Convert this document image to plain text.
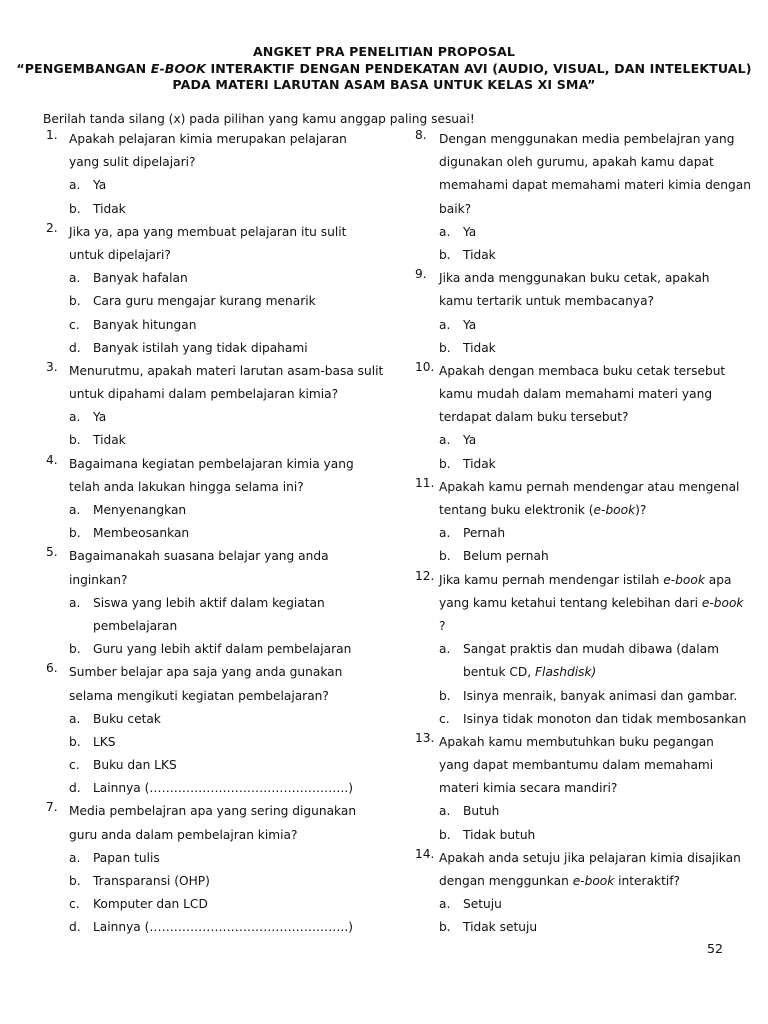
ANGKET PRA PENELITIAN PROPOSAL
“PENGEMBANGAN E-BOOK INTERAKTIF DENGAN PENDEKATAN AVI (AUDIO, VISUAL, DAN INTELEKTUAL)
PADA MATERI LARUTAN ASAM BASA UNTUK KELAS XI SMA”
Berilah tanda silang (x) pada pilihan yang kamu anggap paling sesuai!
1. Apakah pelajaran kimia merupakan pelajaran
yang sulit dipelajari?
a.	Ya
b.	Tidak
2. Jika ya, apa yang membuat pelajaran itu sulit
untuk dipelajari?
a.	Banyak hafalan
b.	Cara guru mengajar kurang menarik
c.	Banyak hitungan
d.	Banyak istilah yang tidak dipahami
3. Menurutmu, apakah materi larutan asam-basa sulit
untuk dipahami dalam pembelajaran kimia?
a.	Ya
b.	Tidak
4. Bagaimana kegiatan pembelajaran kimia yang
telah anda lakukan hingga selama ini?
a.	Menyenangkan
b.	Membeosankan
5. Bagaimanakah suasana belajar yang anda
inginkan?
a.	Siswa yang lebih aktif dalam kegiatan
pembelajaran
b.	Guru yang lebih aktif dalam pembelajaran
6. Sumber belajar apa saja yang anda gunakan
selama mengikuti kegiatan pembelajaran?
a.	Buku cetak
b.	LKS
c.	Buku dan LKS
d.	Lainnya (………………………………………….)
7. Media pembelajran apa yang sering digunakan
guru anda dalam pembelajran kimia?
a.	Papan tulis
b.	Transparansi (OHP)
c.	Komputer dan LCD
d.	Lainnya (………………………………………….)
8.	Dengan menggunakan media pembelajran yang
digunakan oleh gurumu, apakah kamu dapat
memahami dapat memahami materi kimia dengan
baik?
a.	Ya
b.	Tidak
9.	Jika anda menggunakan buku cetak, apakah
kamu tertarik untuk membacanya?
a.	Ya
b.	Tidak
10. Apakah dengan membaca buku cetak tersebut
kamu mudah dalam memahami materi yang
terdapat dalam buku tersebut?
a.	Ya
b.	Tidak
11. Apakah kamu pernah mendengar atau mengenal
tentang buku elektronik (e-book)?
a.	Pernah
b.	Belum pernah
12. Jika kamu pernah mendengar istilah e-book apa
yang kamu ketahui tentang kelebihan dari e-book
?
a.	Sangat praktis dan mudah dibawa (dalam
bentuk CD, Flashdisk)
b.	Isinya menraik, banyak animasi dan gambar.
c.	Isinya tidak monoton dan tidak membosankan
13. Apakah kamu membutuhkan buku pegangan
yang dapat membantumu dalam memahami
materi kimia secara mandiri?
a.	Butuh
b.	Tidak butuh
14. Apakah anda setuju jika pelajaran kimia disajikan
dengan menggunkan e-book interaktif?
a.	Setuju
b.	Tidak setuju
52
